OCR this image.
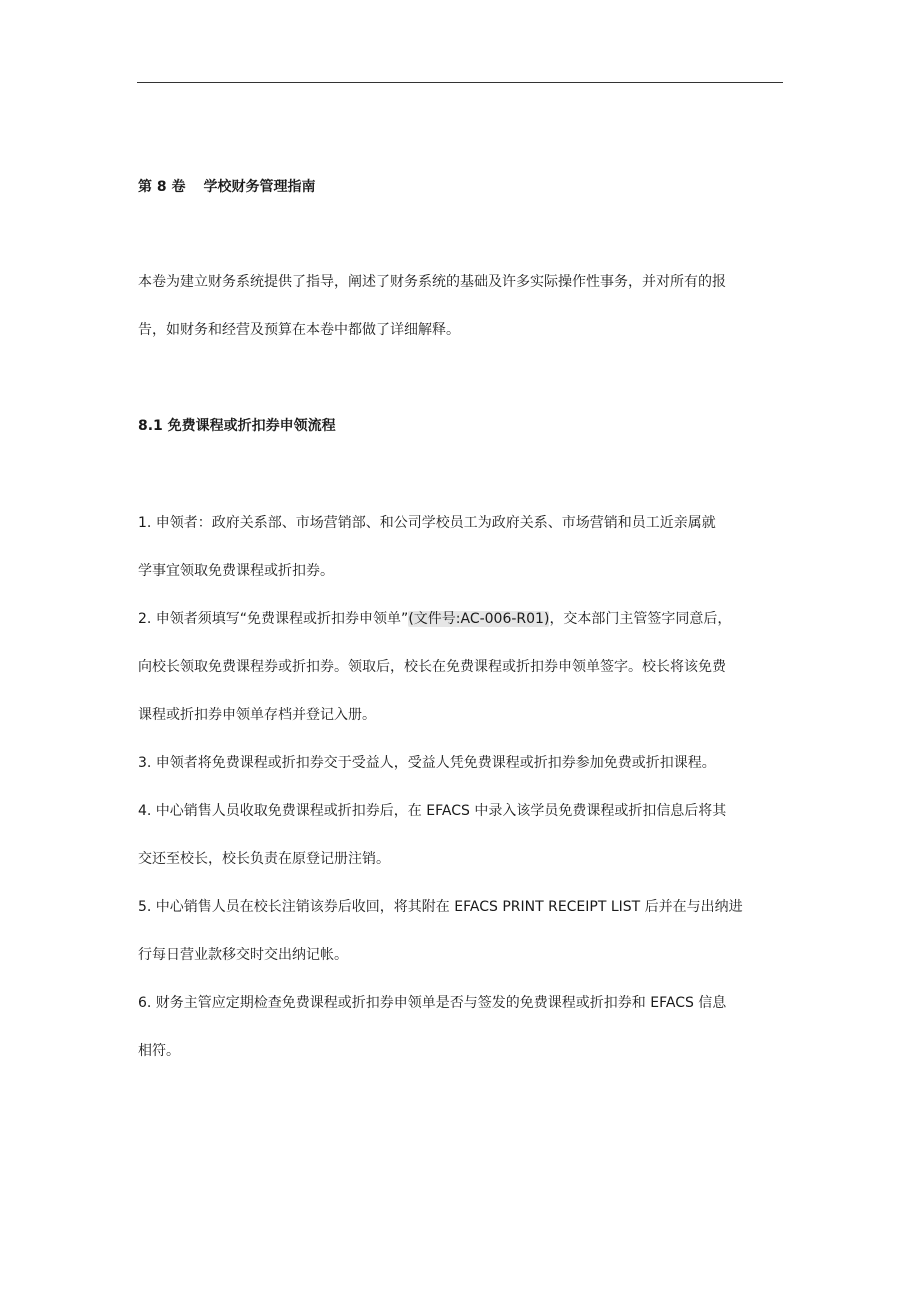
第 8 卷 学校财务管理指南
本卷为建立财务系统提供了指导，阐述了财务系统的基础及许多实际操作性事务，并对所有的报
告，如财务和经营及预算在本卷中都做了详细解释。
8.1 免费课程或折扣券申领流程
1. 申领者：政府关系部、市场营销部、和公司学校员工为政府关系、市场营销和员工近亲属就
学事宜领取免费课程或折扣券。
2. 申领者须填写“免费课程或折扣券申领单”(文件号:AC-006-R01)，交本部门主管签字同意后，
向校长领取免费课程券或折扣券。领取后，校长在免费课程或折扣券申领单签字。校长将该免费
课程或折扣券申领单存档并登记入册。
3. 申领者将免费课程或折扣券交于受益人，受益人凭免费课程或折扣券参加免费或折扣课程。
4. 中心销售人员收取免费课程或折扣券后，在 EFACS 中录入该学员免费课程或折扣信息后将其
交还至校长，校长负责在原登记册注销。
5. 中心销售人员在校长注销该券后收回，将其附在 EFACS PRINT RECEIPT LIST 后并在与出纳进
行每日营业款移交时交出纳记帐。
6. 财务主管应定期检查免费课程或折扣券申领单是否与签发的免费课程或折扣券和 EFACS 信息
相符。
